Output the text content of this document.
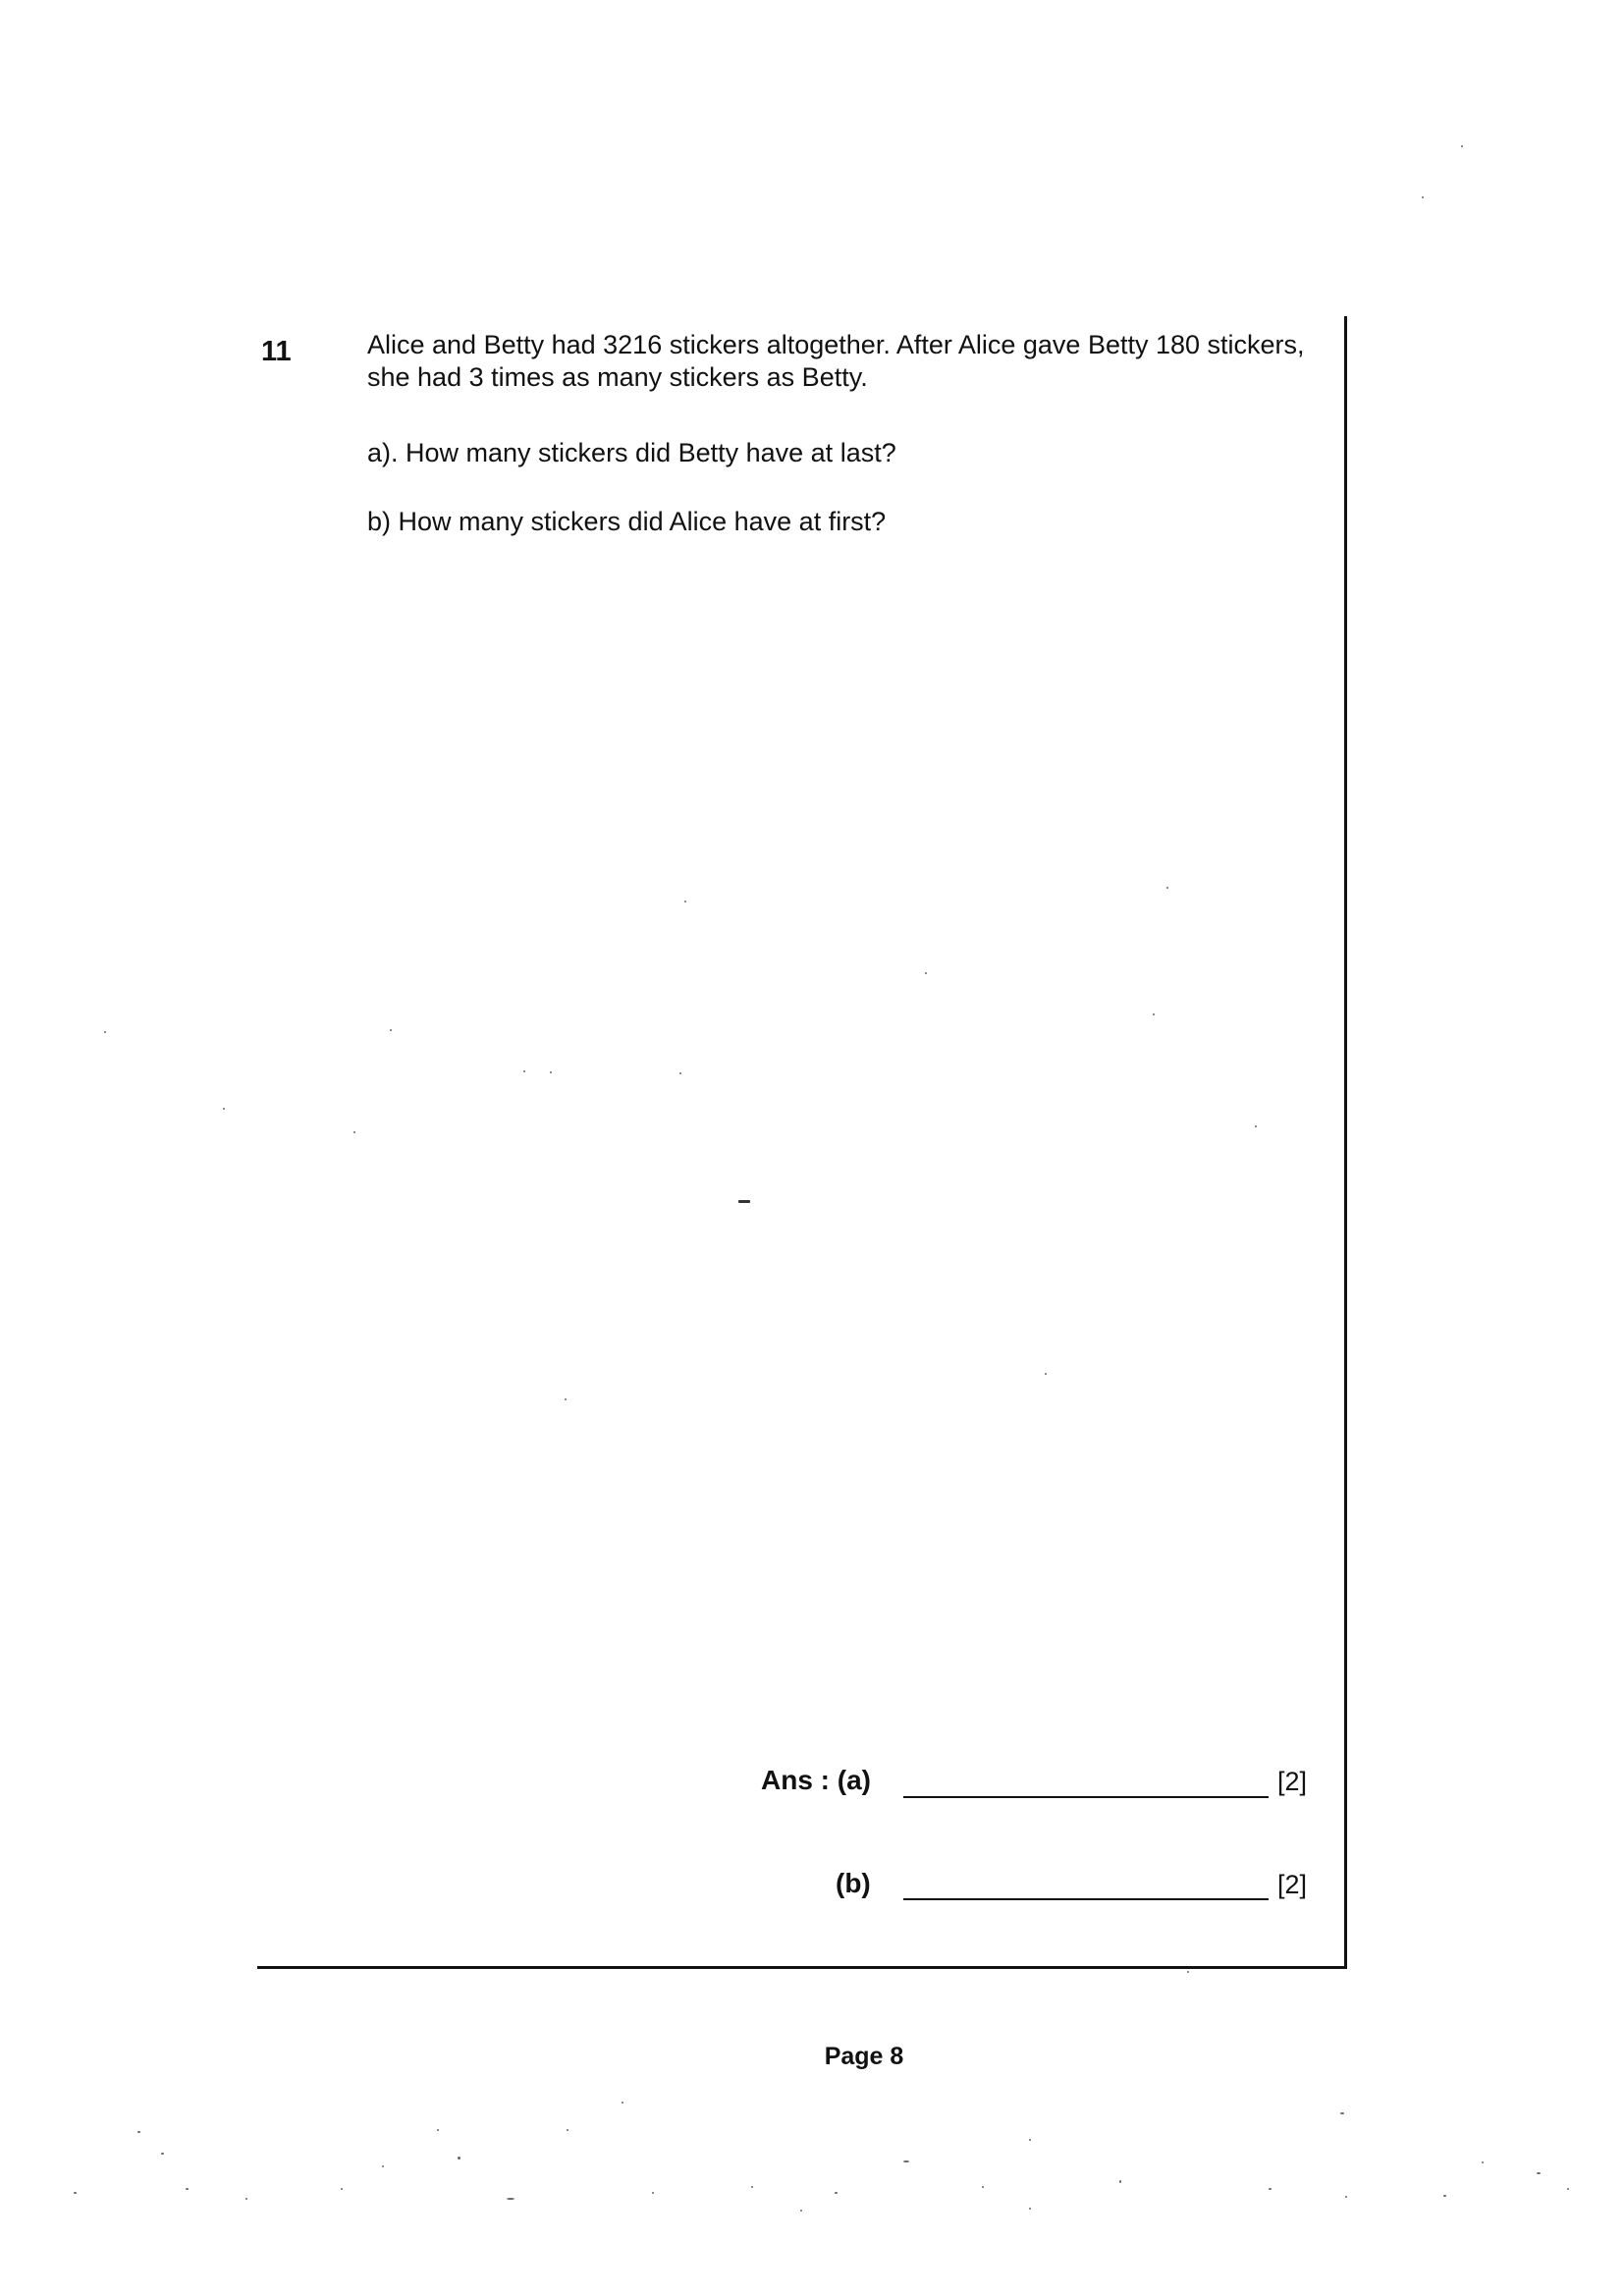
11	Alice and Betty had 3216 stickers altogether. After Alice gave Betty 180 stickers, she had 3 times as many stickers as Betty.
a). How many stickers did Betty have at last?
b) How many stickers did Alice have at first?
Ans : (a)	[2]
(b)	[2]
Page 8
